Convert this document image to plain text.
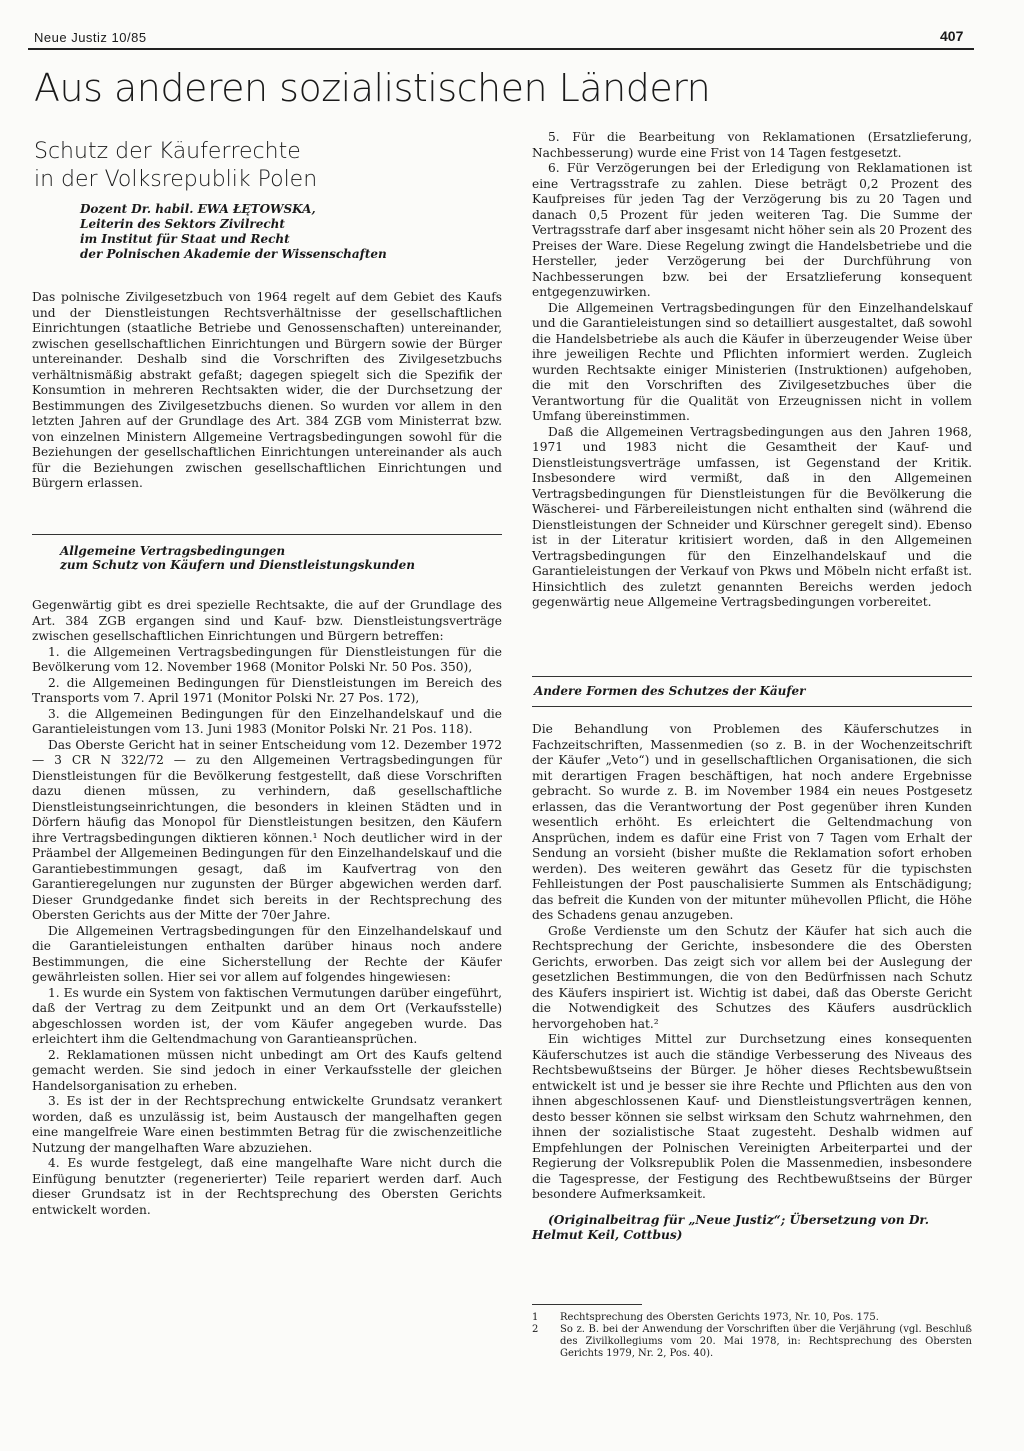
Neue Justiz 10/85	407
Aus anderen sozialistischen Ländern
Schutz der Käuferrechte
in der Volksrepublik Polen
Dozent Dr. habil. EWA ŁĘTOWSKA,
Leiterin des Sektors Zivilrecht
im Institut für Staat und Recht
der Polnischen Akademie der Wissenschaften

Das polnische Zivilgesetzbuch von 1964 regelt auf dem Gebiet des Kaufs und der Dienstleistungen Rechtsverhältnisse der gesellschaftlichen Einrichtungen (staatliche Betriebe und Genossenschaften) untereinander, zwischen gesellschaftlichen Einrichtungen und Bürgern sowie der Bürger untereinander. Deshalb sind die Vorschriften des Zivilgesetzbuchs verhältnismäßig abstrakt gefaßt; dagegen spiegelt sich die Spezifik der Konsumtion in mehreren Rechtsakten wider, die der Durchsetzung der Bestimmungen des Zivilgesetzbuchs dienen. So wurden vor allem in den letzten Jahren auf der Grundlage des Art. 384 ZGB vom Ministerrat bzw. von einzelnen Ministern Allgemeine Vertragsbedingungen sowohl für die Beziehungen der gesellschaftlichen Einrichtungen untereinander als auch für die Beziehungen zwischen gesellschaftlichen Einrichtungen und Bürgern erlassen.

Allgemeine Vertragsbedingungen
zum Schutz von Käufern und Dienstleistungskunden

Gegenwärtig gibt es drei spezielle Rechtsakte, die auf der Grundlage des Art. 384 ZGB ergangen sind und Kauf- bzw. Dienstleistungsverträge zwischen gesellschaftlichen Einrichtungen und Bürgern betreffen:

1. die Allgemeinen Vertragsbedingungen für Dienstleistungen für die Bevölkerung vom 12. November 1968 (Monitor Polski Nr. 50 Pos. 350),

2. die Allgemeinen Bedingungen für Dienstleistungen im Bereich des Transports vom 7. April 1971 (Monitor Polski Nr. 27 Pos. 172),

3. die Allgemeinen Bedingungen für den Einzelhandelskauf und die Garantieleistungen vom 13. Juni 1983 (Monitor Polski Nr. 21 Pos. 118).

Das Oberste Gericht hat in seiner Entscheidung vom 12. Dezember 1972 — 3 CR N 322/72 — zu den Allgemeinen Vertragsbedingungen für Dienstleistungen für die Bevölkerung festgestellt, daß diese Vorschriften dazu dienen müssen, zu verhindern, daß gesellschaftliche Dienstleistungseinrichtungen, die besonders in kleinen Städten und in Dörfern häufig das Monopol für Dienstleistungen besitzen, den Käufern ihre Vertragsbedingungen diktieren können.¹ Noch deutlicher wird in der Präambel der Allgemeinen Bedingungen für den Einzelhandelskauf und die Garantiebestimmungen gesagt, daß im Kaufvertrag von den Garantieregelungen nur zugunsten der Bürger abgewichen werden darf. Dieser Grundgedanke findet sich bereits in der Rechtsprechung des Obersten Gerichts aus der Mitte der 70er Jahre.

Die Allgemeinen Vertragsbedingungen für den Einzelhandelskauf und die Garantieleistungen enthalten darüber hinaus noch andere Bestimmungen, die eine Sicherstellung der Rechte der Käufer gewährleisten sollen. Hier sei vor allem auf folgendes hingewiesen:

1. Es wurde ein System von faktischen Vermutungen darüber eingeführt, daß der Vertrag zu dem Zeitpunkt und an dem Ort (Verkaufsstelle) abgeschlossen worden ist, der vom Käufer angegeben wurde. Das erleichtert ihm die Geltendmachung von Garantieansprüchen.

2. Reklamationen müssen nicht unbedingt am Ort des Kaufs geltend gemacht werden. Sie sind jedoch in einer Verkaufsstelle der gleichen Handelsorganisation zu erheben.

3. Es ist der in der Rechtsprechung entwickelte Grundsatz verankert worden, daß es unzulässig ist, beim Austausch der mangelhaften gegen eine mangelfreie Ware einen bestimmten Betrag für die zwischenzeitliche Nutzung der mangelhaften Ware abzuziehen.

4. Es wurde festgelegt, daß eine mangelhafte Ware nicht durch die Einfügung benutzter (regenerierter) Teile repariert werden darf. Auch dieser Grundsatz ist in der Rechtsprechung des Obersten Gerichts entwickelt worden.

5. Für die Bearbeitung von Reklamationen (Ersatzlieferung, Nachbesserung) wurde eine Frist von 14 Tagen festgesetzt.

6. Für Verzögerungen bei der Erledigung von Reklamationen ist eine Vertragsstrafe zu zahlen. Diese beträgt 0,2 Prozent des Kaufpreises für jeden Tag der Verzögerung bis zu 20 Tagen und danach 0,5 Prozent für jeden weiteren Tag. Die Summe der Vertragsstrafe darf aber insgesamt nicht höher sein als 20 Prozent des Preises der Ware. Diese Regelung zwingt die Handelsbetriebe und die Hersteller, jeder Verzögerung bei der Durchführung von Nachbesserungen bzw. bei der Ersatzlieferung konsequent entgegenzuwirken.

Die Allgemeinen Vertragsbedingungen für den Einzelhandelskauf und die Garantieleistungen sind so detailliert ausgestaltet, daß sowohl die Handelsbetriebe als auch die Käufer in überzeugender Weise über ihre jeweiligen Rechte und Pflichten informiert werden. Zugleich wurden Rechtsakte einiger Ministerien (Instruktionen) aufgehoben, die mit den Vorschriften des Zivilgesetzbuches über die Verantwortung für die Qualität von Erzeugnissen nicht in vollem Umfang übereinstimmen.

Daß die Allgemeinen Vertragsbedingungen aus den Jahren 1968, 1971 und 1983 nicht die Gesamtheit der Kauf- und Dienstleistungsverträge umfassen, ist Gegenstand der Kritik. Insbesondere wird vermißt, daß in den Allgemeinen Vertragsbedingungen für Dienstleistungen für die Bevölkerung die Wäscherei- und Färbereileistungen nicht enthalten sind (während die Dienstleistungen der Schneider und Kürschner geregelt sind). Ebenso ist in der Literatur kritisiert worden, daß in den Allgemeinen Vertragsbedingungen für den Einzelhandelskauf und die Garantieleistungen der Verkauf von Pkws und Möbeln nicht erfaßt ist. Hinsichtlich des zuletzt genannten Bereichs werden jedoch gegenwärtig neue Allgemeine Vertragsbedingungen vorbereitet.

Andere Formen des Schutzes der Käufer

Die Behandlung von Problemen des Käuferschutzes in Fachzeitschriften, Massenmedien (so z. B. in der Wochenzeitschrift der Käufer „Veto“) und in gesellschaftlichen Organisationen, die sich mit derartigen Fragen beschäftigen, hat noch andere Ergebnisse gebracht. So wurde z. B. im November 1984 ein neues Postgesetz erlassen, das die Verantwortung der Post gegenüber ihren Kunden wesentlich erhöht. Es erleichtert die Geltendmachung von Ansprüchen, indem es dafür eine Frist von 7 Tagen vom Erhalt der Sendung an vorsieht (bisher mußte die Reklamation sofort erhoben werden). Des weiteren gewährt das Gesetz für die typischsten Fehlleistungen der Post pauschalisierte Summen als Entschädigung; das befreit die Kunden von der mitunter mühevollen Pflicht, die Höhe des Schadens genau anzugeben.

Große Verdienste um den Schutz der Käufer hat sich auch die Rechtsprechung der Gerichte, insbesondere die des Obersten Gerichts, erworben. Das zeigt sich vor allem bei der Auslegung der gesetzlichen Bestimmungen, die von den Bedürfnissen nach Schutz des Käufers inspiriert ist. Wichtig ist dabei, daß das Oberste Gericht die Notwendigkeit des Schutzes des Käufers ausdrücklich hervorgehoben hat.²

Ein wichtiges Mittel zur Durchsetzung eines konsequenten Käuferschutzes ist auch die ständige Verbesserung des Niveaus des Rechtsbewußtseins der Bürger. Je höher dieses Rechtsbewußtsein entwickelt ist und je besser sie ihre Rechte und Pflichten aus den von ihnen abgeschlossenen Kauf- und Dienstleistungsverträgen kennen, desto besser können sie selbst wirksam den Schutz wahrnehmen, den ihnen der sozialistische Staat zugesteht. Deshalb widmen auf Empfehlungen der Polnischen Vereinigten Arbeiterpartei und der Regierung der Volksrepublik Polen die Massenmedien, insbesondere die Tagespresse, der Festigung des Rechtbewußtseins der Bürger besondere Aufmerksamkeit.

(Originalbeitrag für „Neue Justiz“; Übersetzung von Dr. Helmut Keil, Cottbus)

1	Rechtsprechung des Obersten Gerichts 1973, Nr. 10, Pos. 175.
2	So z. B. bei der Anwendung der Vorschriften über die Verjährung (vgl. Beschluß des Zivilkollegiums vom 20. Mai 1978, in: Rechtsprechung des Obersten Gerichts 1979, Nr. 2, Pos. 40).
